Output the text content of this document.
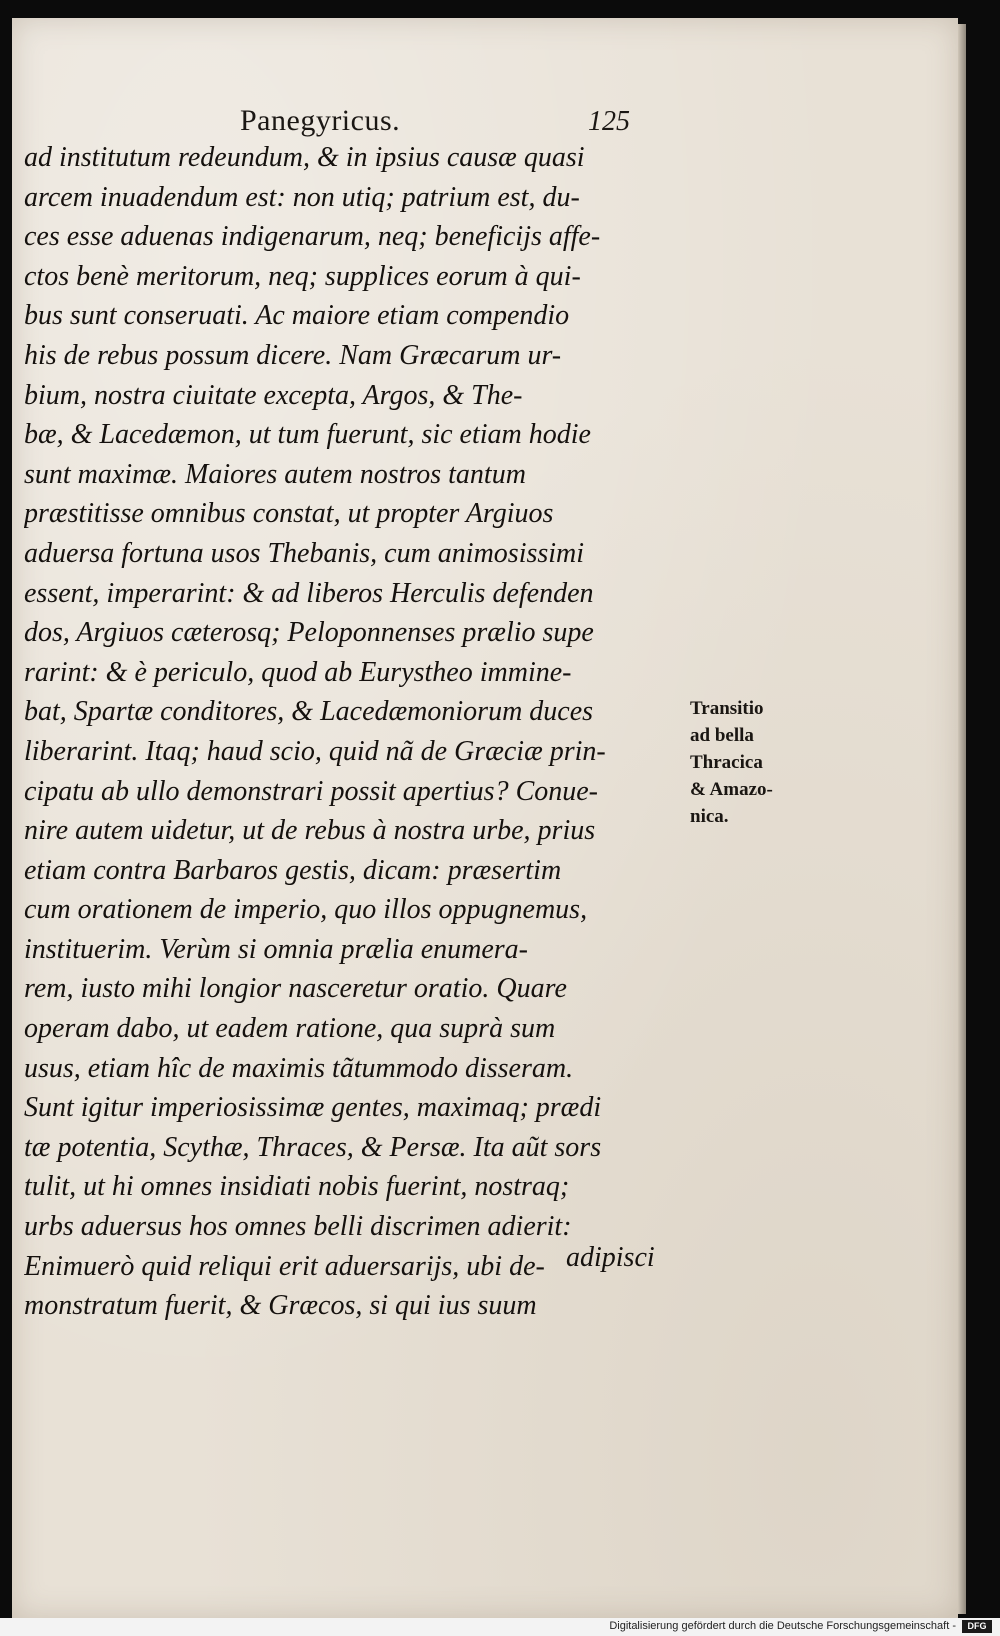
Panegyricus.	125
ad institutum redeundum, & in ipsius causæ quasi
arcem inuadendum est: non utiq; patrium est, du-
ces esse aduenas indigenarum, neq; beneficijs affe-
ctos benè meritorum, neq; supplices eorum à qui-
bus sunt conseruati. Ac maiore etiam compendio
his de rebus possum dicere. Nam Græcarum ur-
bium, nostra ciuitate excepta, Argos, & The-
bæ, & Lacedæmon, ut tum fuerunt, sic etiam hodie
sunt maximæ. Maiores autem nostros tantum
præstitisse omnibus constat, ut propter Argiuos
aduersa fortuna usos Thebanis, cum animosissimi
essent, imperarint: & ad liberos Herculis defenden
dos, Argiuos cæterosq; Peloponnenses prælio supe
rarint: & è periculo, quod ab Eurystheo immine-
bat, Spartæ conditores, & Lacedæmoniorum duces
liberarint. Itaq; haud scio, quid nã de Græciæ prin-
cipatu ab ullo demonstrari possit apertius? Conue-
nire autem uidetur, ut de rebus à nostra urbe, prius
etiam contra Barbaros gestis, dicam: præsertim
cum orationem de imperio, quo illos oppugnemus,
instituerim. Verùm si omnia prælia enumera-
rem, iusto mihi longior nasceretur oratio. Quare
operam dabo, ut eadem ratione, qua suprà sum
usus, etiam hîc de maximis tãtummodo disseram.
Sunt igitur imperiosissimæ gentes, maximaq; prædi
tæ potentia, Scythæ, Thraces, & Persæ. Ita aũt sors
tulit, ut hi omnes insidiati nobis fuerint, nostraq;
urbs aduersus hos omnes belli discrimen adierit:
Enimuerò quid reliqui erit aduersarijs, ubi de-
monstratum fuerit, & Græcos, si qui ius suum
adipisci
Transitio
ad bella
Thracica
& Amazo-
nica.
Digitalisierung gefördert durch die Deutsche Forschungsgemeinschaft -	DFG
